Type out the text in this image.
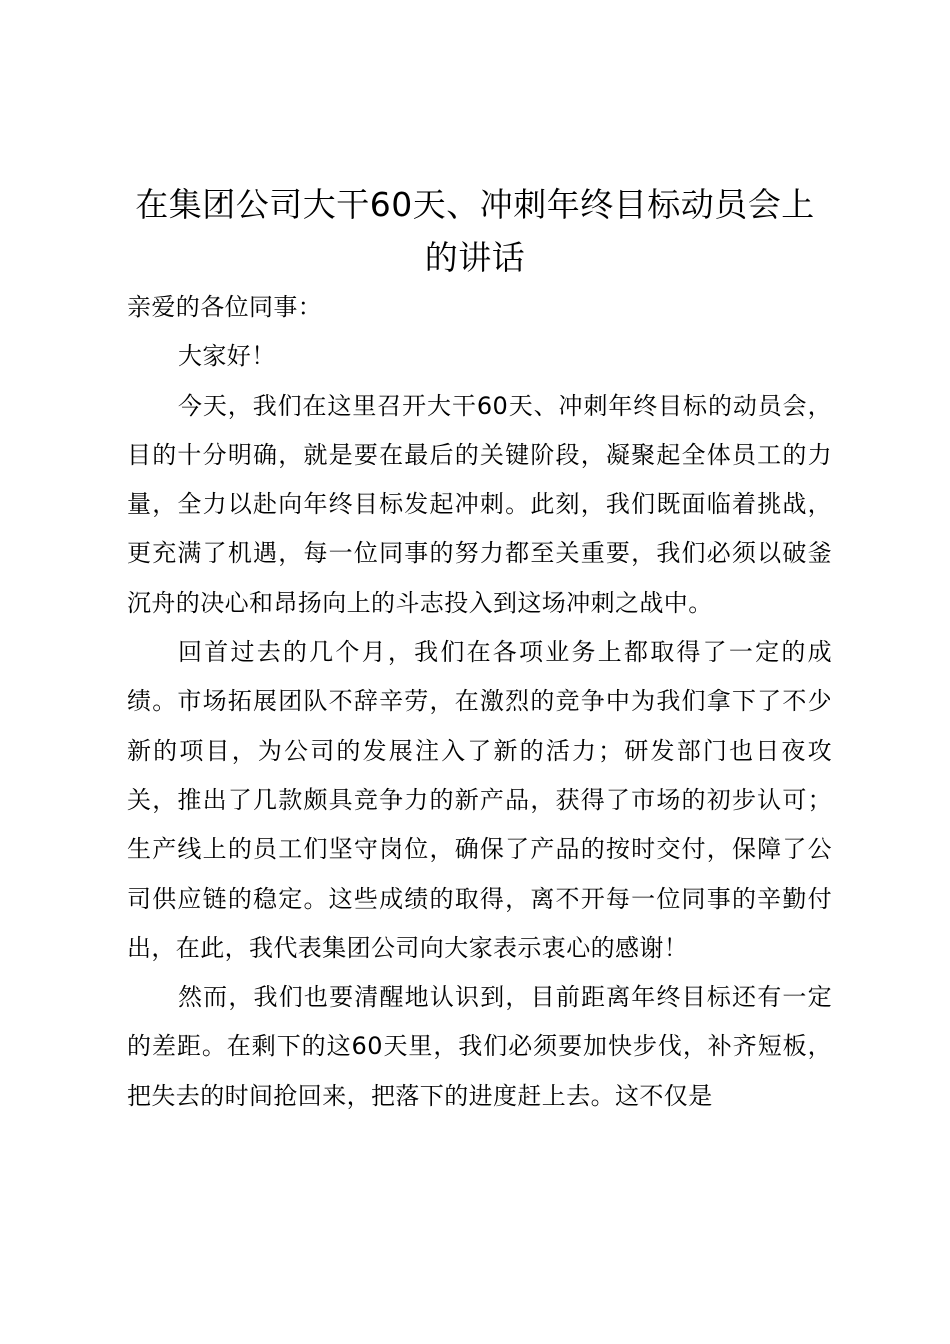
在集团公司大干60天、冲刺年终目标动员会上的讲话

亲爱的各位同事：

大家好！

今天，我们在这里召开大干60天、冲刺年终目标的动员会，目的十分明确，就是要在最后的关键阶段，凝聚起全体员工的力量，全力以赴向年终目标发起冲刺。此刻，我们既面临着挑战，更充满了机遇，每一位同事的努力都至关重要，我们必须以破釜沉舟的决心和昂扬向上的斗志投入到这场冲刺之战中。

回首过去的几个月，我们在各项业务上都取得了一定的成绩。市场拓展团队不辞辛劳，在激烈的竞争中为我们拿下了不少新的项目，为公司的发展注入了新的活力；研发部门也日夜攻关，推出了几款颇具竞争力的新产品，获得了市场的初步认可；生产线上的员工们坚守岗位，确保了产品的按时交付，保障了公司供应链的稳定。这些成绩的取得，离不开每一位同事的辛勤付出，在此，我代表集团公司向大家表示衷心的感谢！

然而，我们也要清醒地认识到，目前距离年终目标还有一定的差距。在剩下的这60天里，我们必须要加快步伐，补齐短板，把失去的时间抢回来，把落下的进度赶上去。这不仅是
